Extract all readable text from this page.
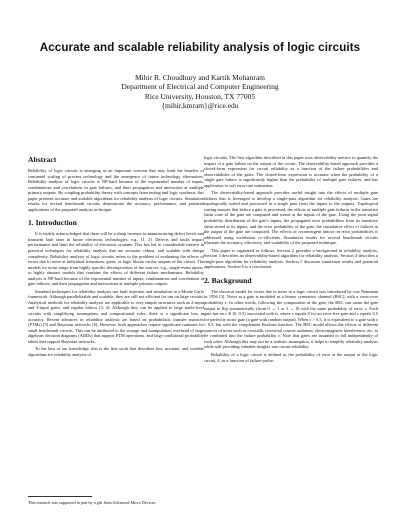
Accurate and scalable reliability analysis of logic circuits
Mihir R. Choudhury and Kartik Mohanram
Department of Electrical and Computer Engineering
Rice University, Houston, TX 77005
{mihir,kmram}@rice.edu
Abstract

Reliability of logic circuits is emerging as an important concern that may limit the benefits of continued scaling of process technology and the emergence of future technology alternatives. Reliability analysis of logic circuits is NP-hard because of the exponential number of inputs, combinations and correlations in gate failures, and their propagation and interaction at multiple primary outputs. By coupling probability theory with concepts from testing and logic synthesis, this paper presents accurate and scalable algorithms for reliability analysis of logic circuits. Simulation results for several benchmark circuits demonstrate the accuracy, performance, and potential applications of the proposed analysis technique.

1. Introduction

It is widely acknowledged that there will be a sharp increase in manufacturing defect levels and transient fault rates in future electronic technologies, e.g., [1, 2]. Defects and faults impact performance and limit the reliability of electronic systems. This has led to considerable interest in practical techniques for reliability analysis that are accurate, robust, and scalable with design complexity. Reliability analysis of logic circuits refers to the problem of evaluating the effects of errors due to noise at individual transistors, gates, or logic blocks on the outputs of the circuit. The models for noise range from highly specific decomposition of the sources, e.g., single-event upsets, to highly abstract models that combine the effects of different failure mechanisms. Reliability analysis is NP-hard because of the exponential number of inputs, combinations and correlations in gate failures, and their propagation and interactions at multiple primary outputs.

Standard techniques for reliability analysis use fault injection and simulation in a Monte Carlo framework. Although parallelizable and scalable, they are still not efficient for use on large circuits. Analytical methods for reliability analysis are applicable to very simple structures such as 2-input and 3-input gates, and regular fabrics [3, 4]. Although they can be applied to large multi-level circuits with simplifying assumptions and compositional rules, there is a significant loss in accuracy. Recent advances in reliability analysis are based on probabilistic transfer matrices (PTMs) [5] and Bayesian networks [6]. However, both approaches require significant runtimes for small benchmark circuits. This can be attributed to the storage and manipulation overhead of large algebraic decision diagrams (ADDs) that support PTM operations, and large conditional probability tables that support Bayesian networks.

To the best of our knowledge, this is the first work that describes fast, accurate, and scalable algorithms for reliability analysis of

This research was supported in part by a gift from Advanced Micro Devices.

logic circuits. The first algorithm described in this paper uses observability metrics to quantify the impact of a gate failure on the output of the circuit. The observability-based approach provides a closed-form expression for circuit reliability as a function of the failure probabilities and observabilities of the gates. The closed-form expression is accurate when the probability of a single gate failure is significantly higher than the probability of multiple gate failures, and has application to soft error rate estimation.

The observability-based approach provides useful insight into the effects of multiple gate failures that is leveraged to develop a single-pass algorithm for reliability analysis. Gates are topologically sorted and processed in a single pass from the inputs to the outputs. Topological sorting ensures that before a gate is processed, the effects of multiple gate failures in the transitive fanin cone of the gate are computed and stored at the inputs of the gate. Using the joint signal probability distribution of the gate's inputs, the propagated error probabilities from its transitive fanin stored at its inputs, and the error probability of the gate, the cumulative effect of failures at the output of the gate are computed. The effects of reconvergent fanout on error probabilities is addressed using correlation co-efficients. Simulation results for several benchmark circuits illustrate the accuracy, efficiency, and scalability of the proposed technique.

This paper is organized as follows. Section 2 provides a background in reliability analysis. Section 3 describes an observability-based algorithm for reliability analysis. Section 4 describes a single-pass algorithm for reliability analysis. Section 5 discusses simulation results and potential applications. Section 6 is a conclusion.

2. Background

The classical model for errors due to noise in a logic circuit was introduced by von Neumann in 1956 [3]. Noise at a gate is modeled as a binary symmetric channel (BSC), with a cross-over probability ε. In other words, following the computation at the gate, the BSC can cause the gate output to flip symmetrically (from 0 → 1 or 1 → 0) with the same probability of error, ε. Each gate has an ε ∈ [0, 0.5] associated with it, where ε equals 0 for an error-free gate and ε equals 0.5 for perfectly noisy gate (a gate with random output). When ε > 0.5, it is equivalent to a gate with ε < 0.5, but with the complement Boolean function. The BSC model allows the effects of different sources of noise such as crosstalk, terrestrial cosmic radiation, electromagnetic interference, etc. to be combined into the failure probability ε. Note that gates are assumed to fail independently of each other. Although this may not be a realistic assumption, it helps to simplify reliability analysis while still providing valuable insights into circuit reliability.

Reliability of a logic circuit is defined as the probability of error at the output of the logic circuit, δ, as a function of failure proba-
